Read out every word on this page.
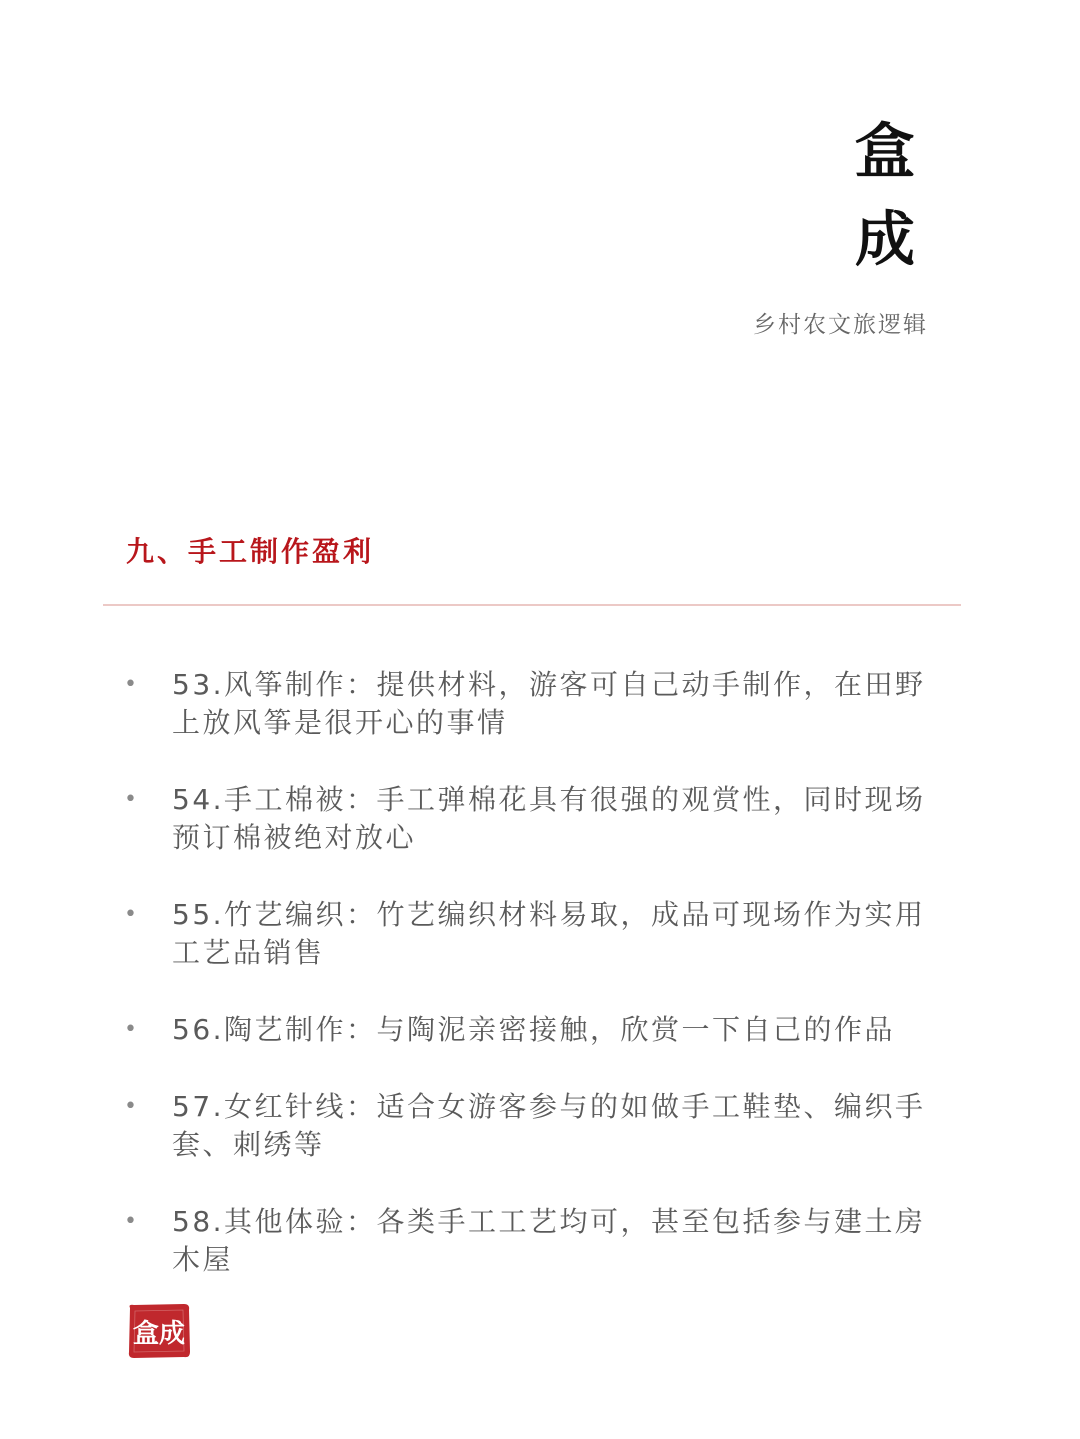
盒
成
乡村农文旅逻辑
九、手工制作盈利
• 53.风筝制作：提供材料，游客可自己动手制作，在田野上放风筝是很开心的事情
• 54.手工棉被：手工弹棉花具有很强的观赏性，同时现场预订棉被绝对放心
• 55.竹艺编织：竹艺编织材料易取，成品可现场作为实用工艺品销售
• 56.陶艺制作：与陶泥亲密接触，欣赏一下自己的作品
• 57.女红针线：适合女游客参与的如做手工鞋垫、编织手套、刺绣等
• 58.其他体验：各类手工工艺均可，甚至包括参与建土房木屋
盒成
